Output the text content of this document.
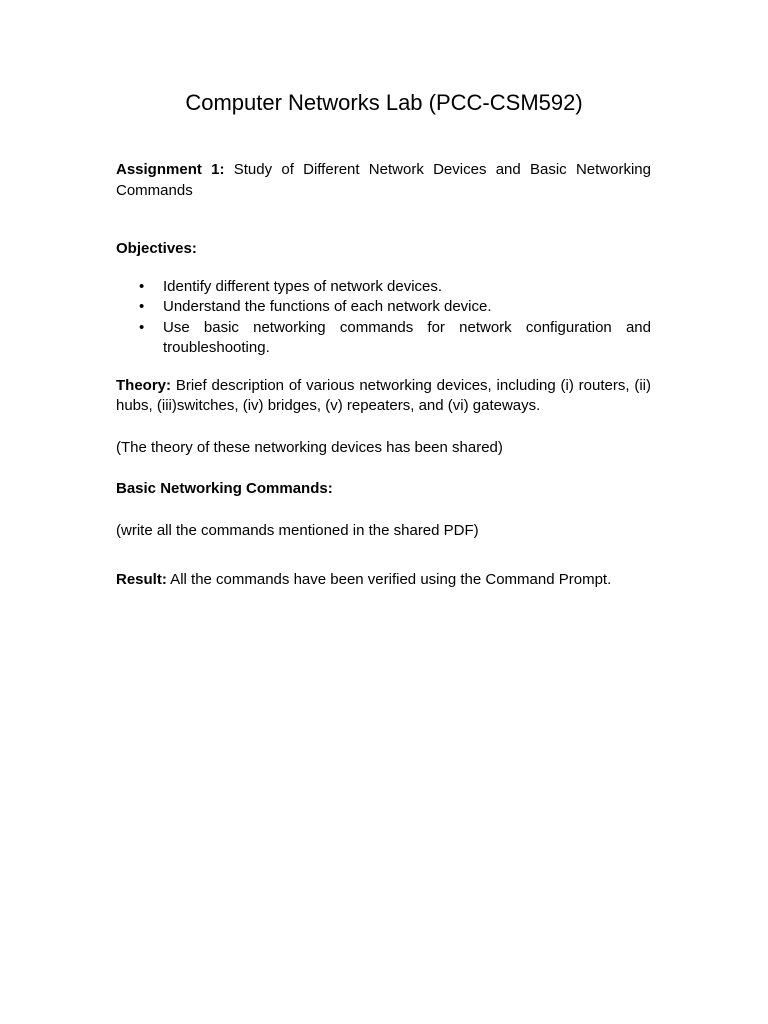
Computer Networks Lab (PCC-CSM592)

Assignment 1: Study of Different Network Devices and Basic Networking Commands

Objectives:

• Identify different types of network devices.
• Understand the functions of each network device.
• Use basic networking commands for network configuration and troubleshooting.

Theory: Brief description of various networking devices, including (i) routers, (ii) hubs, (iii)switches, (iv) bridges, (v) repeaters, and (vi) gateways.

(The theory of these networking devices has been shared)

Basic Networking Commands:

(write all the commands mentioned in the shared PDF)

Result: All the commands have been verified using the Command Prompt.
